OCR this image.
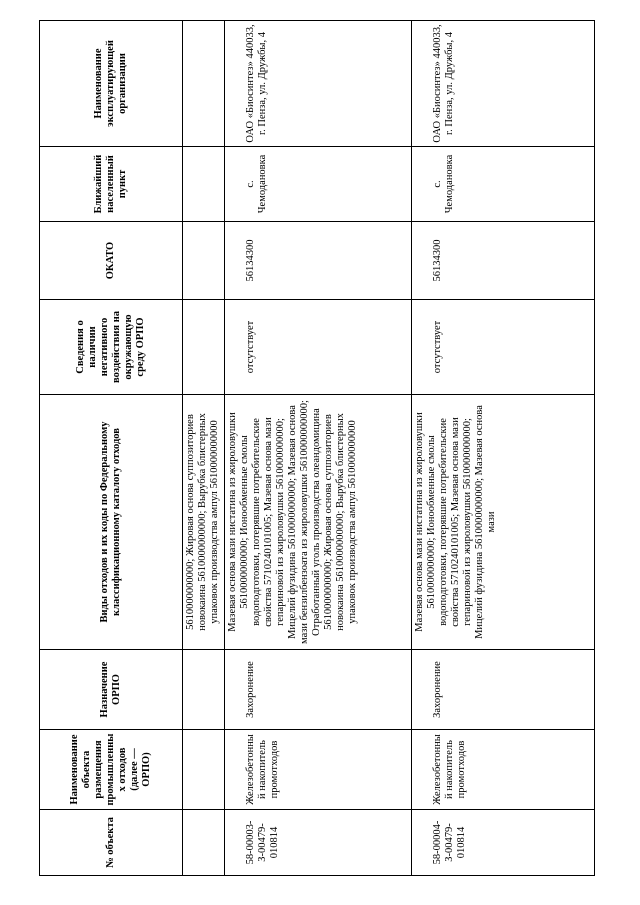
№ объекта	Наименование объекта размещения промышленных отходов (далее — ОРПО)	Назначение ОРПО	Виды отходов и их коды по Федеральному классификационному каталогу отходов	Сведения о наличии негативного воздействия на окружающую среду ОРПО	ОКАТО	Ближайший населенный пункт	Наименование эксплуатирующей организации
			5610000000000; Жировая основа суппозиториев новокаина 5610000000000; Вырубка блистерных упаковок производства ампул 5610000000000				
58-00003-З-00479-010814	Железобетонный накопитель промотходов	Захоронение	Мазевая основа мази нистатина из жироловушки 5610000000000; Ионообменные смолы водоподготовки, потерявшие потребительские свойства 5710240101005; Мазевая основа мази гепариновой из жироловушки 5610000000000; Мицелий фузидина 5610000000000; Мазевая основа мази бензилбензоата из жироловушки 5610000000000; Отработанный уголь производства олеандомицина 5610000000000; Жировая основа суппозиториев новокаина 5610000000000; Вырубка блистерных упаковок производства ампул 5610000000000	отсутствует	56134300	с. Чемодановка	ОАО «Биосинтез» 440033, г. Пенза, ул. Дружбы, 4
58-00004-З-00479-010814	Железобетонный накопитель промотходов	Захоронение	Мазевая основа мази нистатина из жироловушки 5610000000000; Ионообменные смолы водоподготовки, потерявшие потребительские свойства 5710240101005; Мазевая основа мази гепариновой из жироловушки 5610000000000; Мицелий фузидина 5610000000000; Мазевая основа мази	отсутствует	56134300	с. Чемодановка	ОАО «Биосинтез» 440033, г. Пенза, ул. Дружбы, 4
